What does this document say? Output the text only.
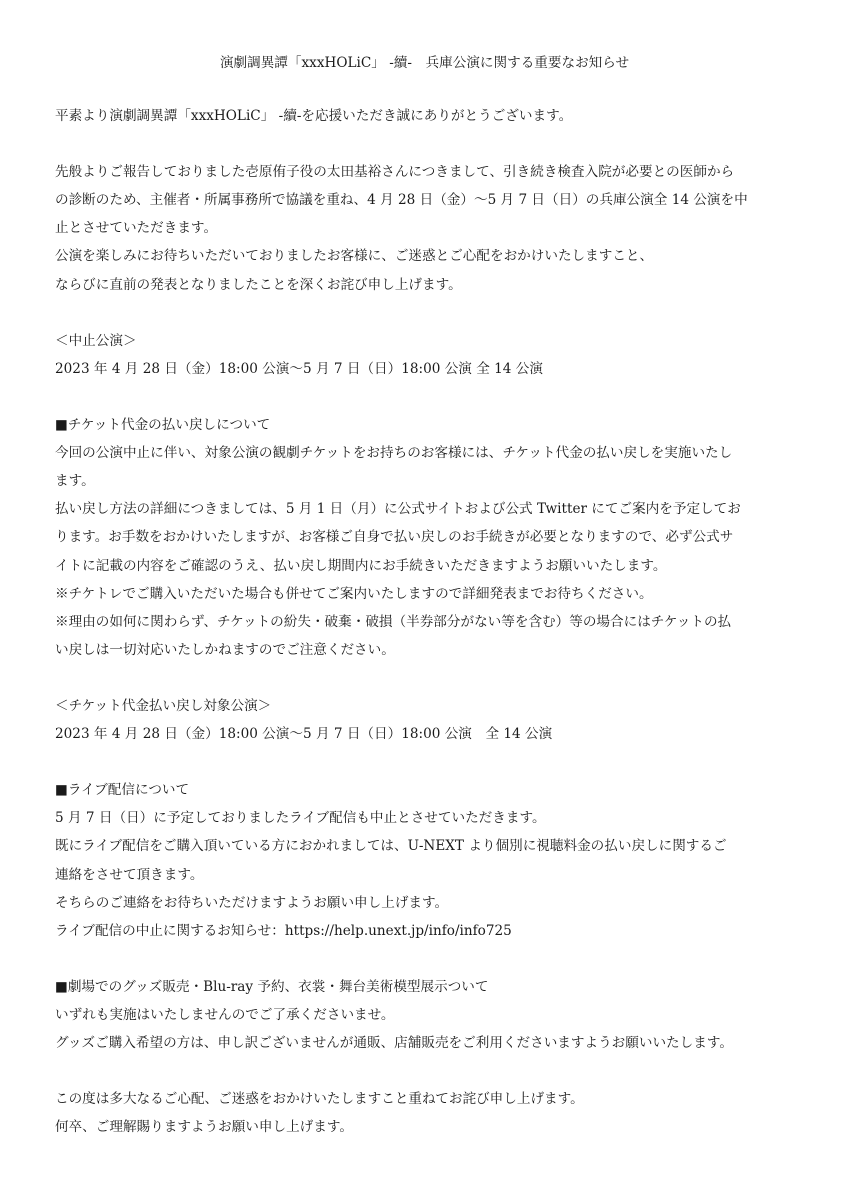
演劇調異譚「xxxHOLiC」 -續-　兵庫公演に関する重要なお知らせ
平素より演劇調異譚「xxxHOLiC」 -續-を応援いただき誠にありがとうございます。
先般よりご報告しておりました壱原侑子役の太田基裕さんにつきまして、引き続き検査入院が必要との医師から
の診断のため、主催者・所属事務所で協議を重ね、4 月 28 日（金）～5 月 7 日（日）の兵庫公演全 14 公演を中
止とさせていただきます。
公演を楽しみにお待ちいただいておりましたお客様に、ご迷惑とご心配をおかけいたしますこと、
ならびに直前の発表となりましたことを深くお詫び申し上げます。
＜中止公演＞
2023 年 4 月 28 日（金）18:00 公演～5 月 7 日（日）18:00 公演 全 14 公演
■チケット代金の払い戻しについて
今回の公演中止に伴い、対象公演の観劇チケットをお持ちのお客様には、チケット代金の払い戻しを実施いたし
ます。
払い戻し方法の詳細につきましては、5 月 1 日（月）に公式サイトおよび公式 Twitter にてご案内を予定してお
ります。お手数をおかけいたしますが、お客様ご自身で払い戻しのお手続きが必要となりますので、必ず公式サ
イトに記載の内容をご確認のうえ、払い戻し期間内にお手続きいただきますようお願いいたします。
※チケトレでご購入いただいた場合も併せてご案内いたしますので詳細発表までお待ちください。
※理由の如何に関わらず、チケットの紛失・破棄・破損（半券部分がない等を含む）等の場合にはチケットの払
い戻しは一切対応いたしかねますのでご注意ください。
＜チケット代金払い戻し対象公演＞
2023 年 4 月 28 日（金）18:00 公演～5 月 7 日（日）18:00 公演　全 14 公演
■ライブ配信について
5 月 7 日（日）に予定しておりましたライブ配信も中止とさせていただきます。
既にライブ配信をご購入頂いている方におかれましては、U-NEXT より個別に視聴料金の払い戻しに関するご
連絡をさせて頂きます。
そちらのご連絡をお待ちいただけますようお願い申し上げます。
ライブ配信の中止に関するお知らせ：https://help.unext.jp/info/info725
■劇場でのグッズ販売・Blu-ray 予約、衣裳・舞台美術模型展示ついて
いずれも実施はいたしませんのでご了承くださいませ。
グッズご購入希望の方は、申し訳ございませんが通販、店舗販売をご利用くださいますようお願いいたします。
この度は多大なるご心配、ご迷惑をおかけいたしますこと重ねてお詫び申し上げます。
何卒、ご理解賜りますようお願い申し上げます。
